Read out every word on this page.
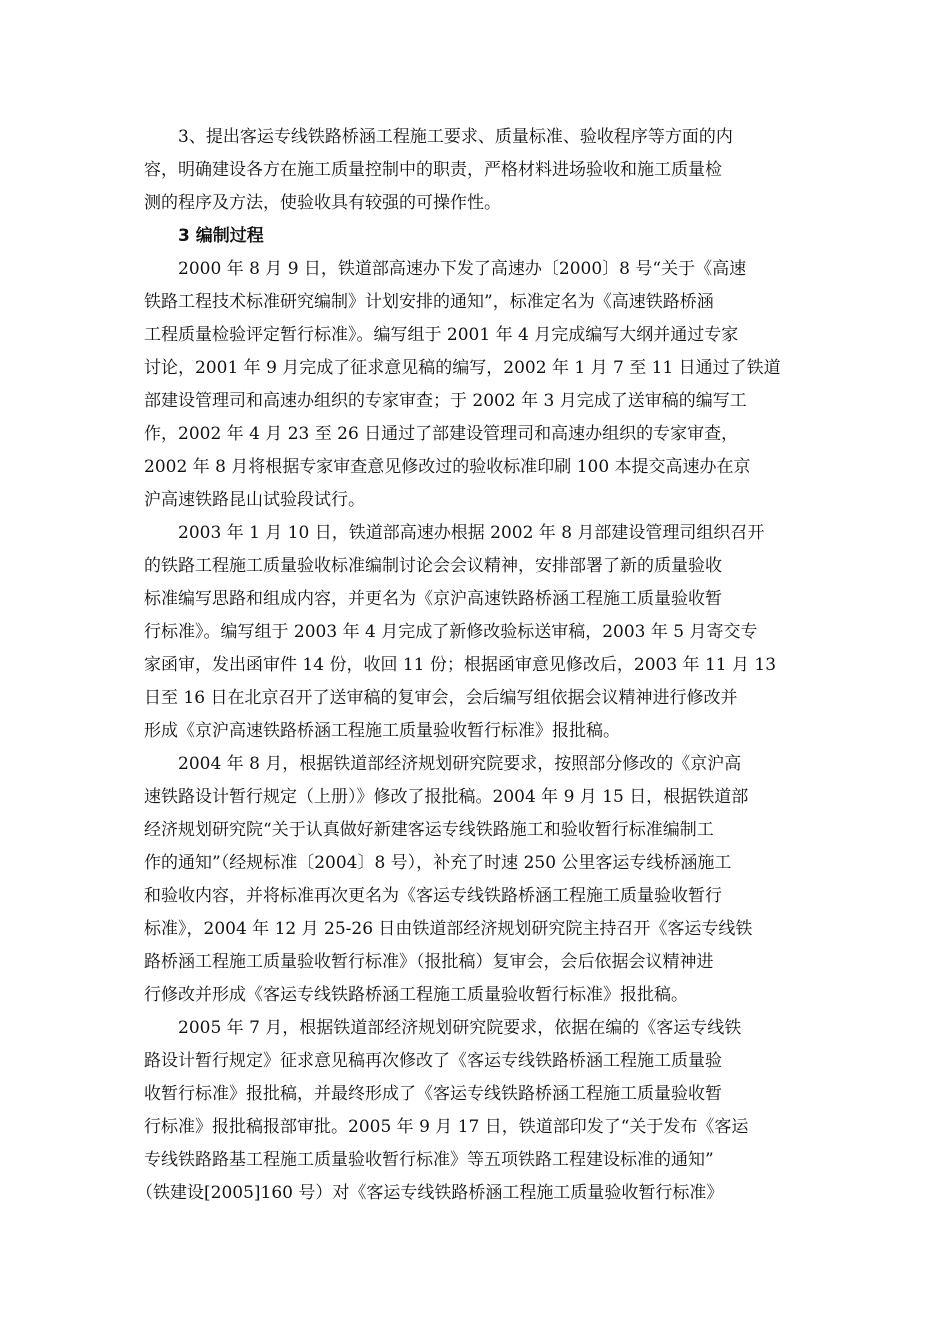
3、提出客运专线铁路桥涵工程施工要求、质量标准、验收程序等方面的内
容，明确建设各方在施工质量控制中的职责，严格材料进场验收和施工质量检
测的程序及方法，使验收具有较强的可操作性。
3 编制过程
2000 年 8 月 9 日，铁道部高速办下发了高速办〔2000〕8 号“关于《高速
铁路工程技术标准研究编制》计划安排的通知”，标准定名为《高速铁路桥涵
工程质量检验评定暂行标准》。编写组于 2001 年 4 月完成编写大纲并通过专家
讨论，2001 年 9 月完成了征求意见稿的编写，2002 年 1 月 7 至 11 日通过了铁道
部建设管理司和高速办组织的专家审查；于 2002 年 3 月完成了送审稿的编写工
作，2002 年 4 月 23 至 26 日通过了部建设管理司和高速办组织的专家审查，
2002 年 8 月将根据专家审查意见修改过的验收标准印刷 100 本提交高速办在京
沪高速铁路昆山试验段试行。
2003 年 1 月 10 日，铁道部高速办根据 2002 年 8 月部建设管理司组织召开
的铁路工程施工质量验收标准编制讨论会会议精神，安排部署了新的质量验收
标准编写思路和组成内容，并更名为《京沪高速铁路桥涵工程施工质量验收暂
行标准》。编写组于 2003 年 4 月完成了新修改验标送审稿，2003 年 5 月寄交专
家函审，发出函审件 14 份，收回 11 份；根据函审意见修改后，2003 年 11 月 13
日至 16 日在北京召开了送审稿的复审会，会后编写组依据会议精神进行修改并
形成《京沪高速铁路桥涵工程施工质量验收暂行标准》报批稿。
2004 年 8 月，根据铁道部经济规划研究院要求，按照部分修改的《京沪高
速铁路设计暂行规定（上册）》修改了报批稿。2004 年 9 月 15 日，根据铁道部
经济规划研究院“关于认真做好新建客运专线铁路施工和验收暂行标准编制工
作的通知”（经规标准〔2004〕8 号），补充了时速 250 公里客运专线桥涵施工
和验收内容，并将标准再次更名为《客运专线铁路桥涵工程施工质量验收暂行
标准》，2004 年 12 月 25-26 日由铁道部经济规划研究院主持召开《客运专线铁
路桥涵工程施工质量验收暂行标准》（报批稿）复审会，会后依据会议精神进
行修改并形成《客运专线铁路桥涵工程施工质量验收暂行标准》报批稿。
2005 年 7 月，根据铁道部经济规划研究院要求，依据在编的《客运专线铁
路设计暂行规定》征求意见稿再次修改了《客运专线铁路桥涵工程施工质量验
收暂行标准》报批稿，并最终形成了《客运专线铁路桥涵工程施工质量验收暂
行标准》报批稿报部审批。2005 年 9 月 17 日，铁道部印发了“关于发布《客运
专线铁路路基工程施工质量验收暂行标准》等五项铁路工程建设标准的通知”
（铁建设[2005]160 号）对《客运专线铁路桥涵工程施工质量验收暂行标准》
